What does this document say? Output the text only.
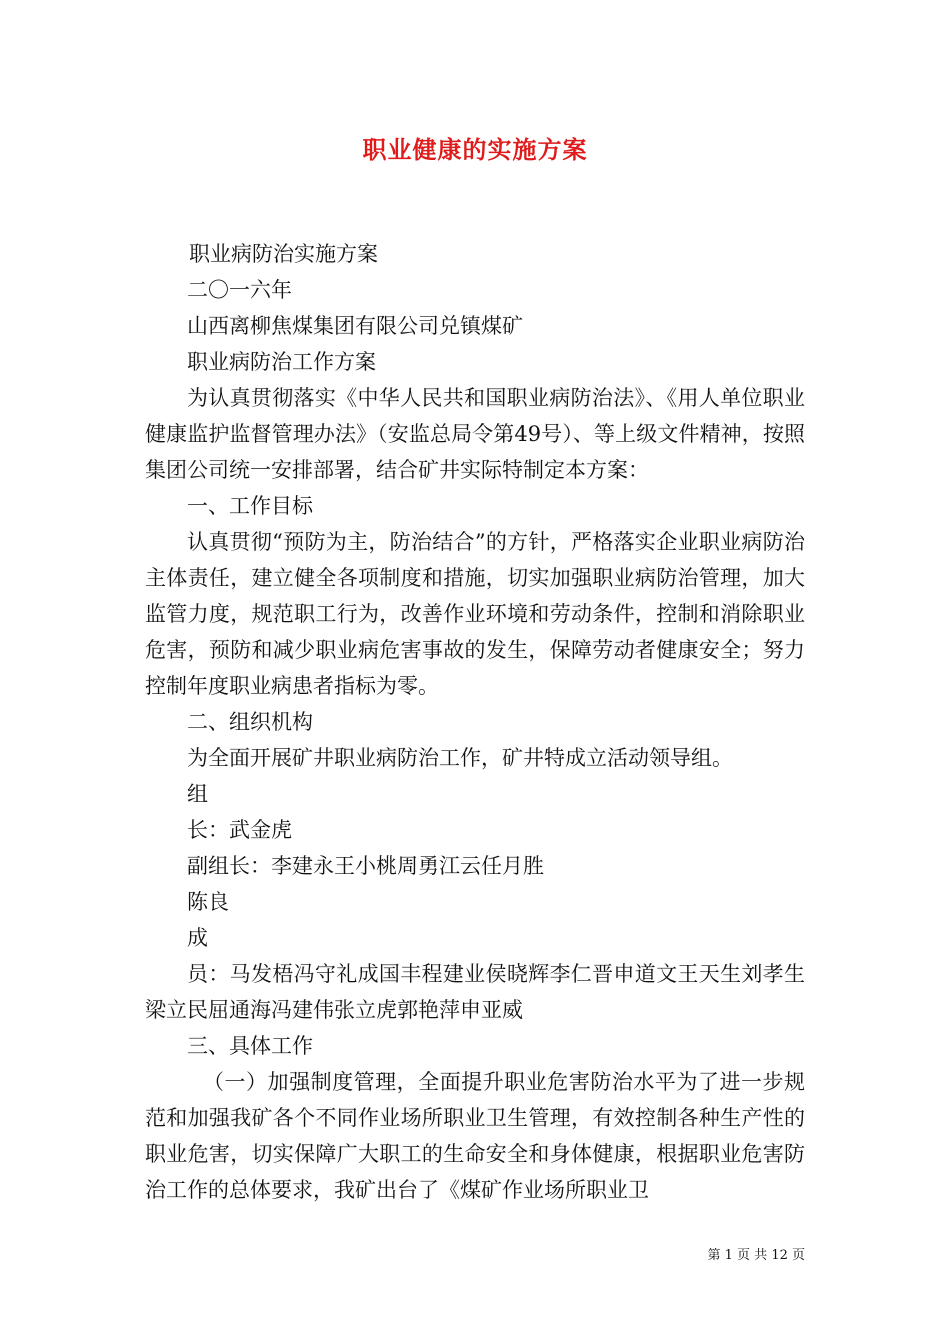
职业健康的实施方案

职业病防治实施方案

二〇一六年

山西离柳焦煤集团有限公司兑镇煤矿

职业病防治工作方案

为认真贯彻落实《中华人民共和国职业病防治法》、《用人单位职业健康监护监督管理办法》（安监总局令第49号）、等上级文件精神，按照集团公司统一安排部署，结合矿井实际特制定本方案：

一、工作目标

认真贯彻“预防为主，防治结合”的方针，严格落实企业职业病防治主体责任，建立健全各项制度和措施，切实加强职业病防治管理，加大监管力度，规范职工行为，改善作业环境和劳动条件，控制和消除职业危害，预防和减少职业病危害事故的发生，保障劳动者健康安全；努力控制年度职业病患者指标为零。

二、组织机构

为全面开展矿井职业病防治工作，矿井特成立活动领导组。

组

长：武金虎

副组长：李建永王小桃周勇江云任月胜

陈良

成

员：马发梧冯守礼成国丰程建业侯晓辉李仁晋申道文王天生刘孝生梁立民屈通海冯建伟张立虎郭艳萍申亚威

三、具体工作

（一）加强制度管理，全面提升职业危害防治水平为了进一步规范和加强我矿各个不同作业场所职业卫生管理，有效控制各种生产性的职业危害，切实保障广大职工的生命安全和身体健康，根据职业危害防治工作的总体要求，我矿出台了《煤矿作业场所职业卫

第 1 页 共 12 页
